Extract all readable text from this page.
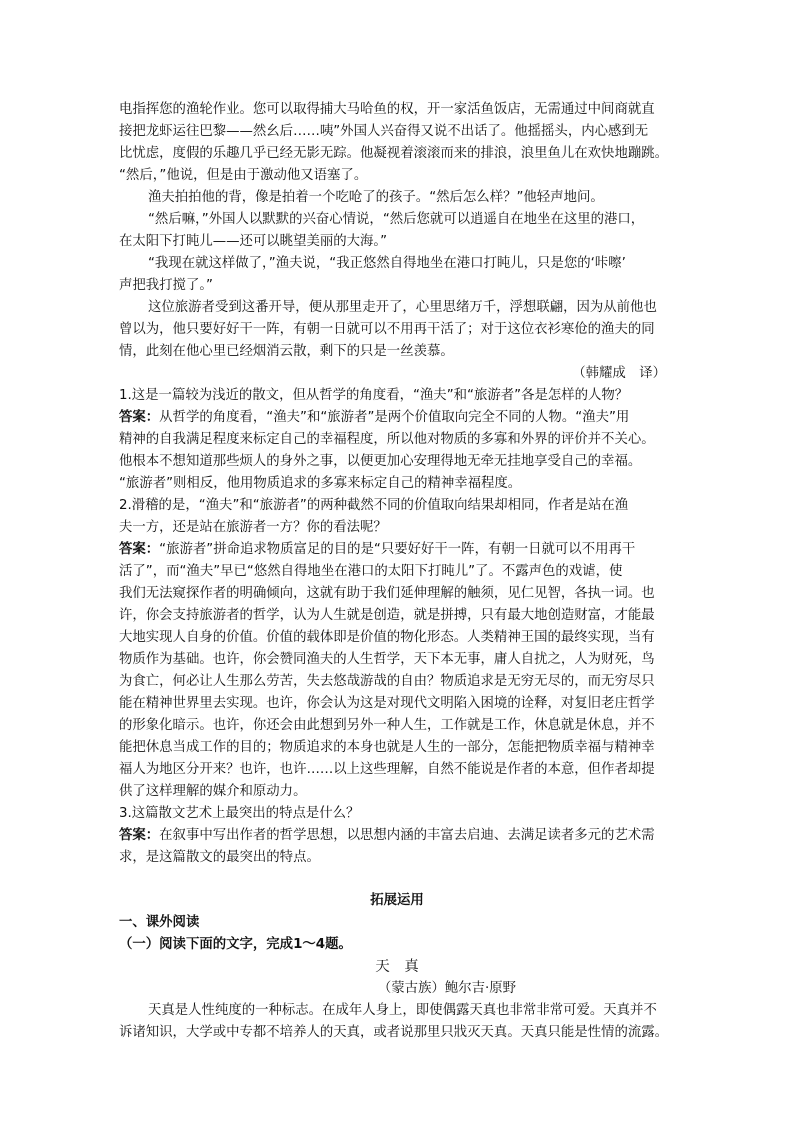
电指挥您的渔轮作业。您可以取得捕大马哈鱼的权，开一家活鱼饭店，无需通过中间商就直
接把龙虾运往巴黎——然幺后……咦”外国人兴奋得又说不出话了。他摇摇头，内心感到无
比忧虑，度假的乐趣几乎已经无影无踪。他凝视着滚滚而来的排浪，浪里鱼儿在欢快地蹦跳。
“然后，”他说，但是由于激动他又语塞了。
渔夫拍拍他的背，像是拍着一个吃呛了的孩子。“然后怎么样？”他轻声地问。
“然后嘛，”外国人以默默的兴奋心情说，“然后您就可以逍遥自在地坐在这里的港口，
在太阳下打盹儿——还可以眺望美丽的大海。”
“我现在就这样做了，”渔夫说，“我正悠然自得地坐在港口打盹儿，只是您的‘咔嚓’
声把我打搅了。”
这位旅游者受到这番开导，便从那里走开了，心里思绪万千，浮想联翩，因为从前他也
曾以为，他只要好好干一阵，有朝一日就可以不用再干活了；对于这位衣衫寒伧的渔夫的同
情，此刻在他心里已经烟消云散，剩下的只是一丝羡慕。
（韩耀成　译）
1.这是一篇较为浅近的散文，但从哲学的角度看，“渔夫”和“旅游者”各是怎样的人物？
答案：从哲学的角度看，“渔夫”和“旅游者”是两个价值取向完全不同的人物。“渔夫”用
精神的自我满足程度来标定自己的幸福程度，所以他对物质的多寡和外界的评价并不关心。
他根本不想知道那些烦人的身外之事，以便更加心安理得地无牵无挂地享受自己的幸福。
“旅游者”则相反，他用物质追求的多寡来标定自己的精神幸福程度。
2.滑稽的是，“渔夫”和“旅游者”的两种截然不同的价值取向结果却相同，作者是站在渔
夫一方，还是站在旅游者一方？你的看法呢？
答案：“旅游者”拼命追求物质富足的目的是“只要好好干一阵，有朝一日就可以不用再干
活了”，而“渔夫”早已“悠然自得地坐在港口的太阳下打盹儿”了。不露声色的戏谑，使
我们无法窥探作者的明确倾向，这就有助于我们延伸理解的触须，见仁见智，各执一词。也
许，你会支持旅游者的哲学，认为人生就是创造，就是拼搏，只有最大地创造财富，才能最
大地实现人自身的价值。价值的载体即是价值的物化形态。人类精神王国的最终实现，当有
物质作为基础。也许，你会赞同渔夫的人生哲学，天下本无事，庸人自扰之，人为财死，鸟
为食亡，何必让人生那么劳苦，失去悠哉游哉的自由？物质追求是无穷无尽的，而无穷尽只
能在精神世界里去实现。也许，你会认为这是对现代文明陷入困境的诠释，对复旧老庄哲学
的形象化暗示。也许，你还会由此想到另外一种人生，工作就是工作，休息就是休息，并不
能把休息当成工作的目的；物质追求的本身也就是人生的一部分，怎能把物质幸福与精神幸
福人为地区分开来？也许，也许……以上这些理解，自然不能说是作者的本意，但作者却提
供了这样理解的媒介和原动力。
3.这篇散文艺术上最突出的特点是什么？
答案：在叙事中写出作者的哲学思想，以思想内涵的丰富去启迪、去满足读者多元的艺术需
求，是这篇散文的最突出的特点。
拓展运用
一、课外阅读
（一）阅读下面的文字，完成1～4题。
天　真
（蒙古族）鲍尔吉·原野
天真是人性纯度的一种标志。在成年人身上，即使偶露天真也非常非常可爱。天真并不
诉诸知识，大学或中专都不培养人的天真，或者说那里只戕灭天真。天真只能是性情的流露。
